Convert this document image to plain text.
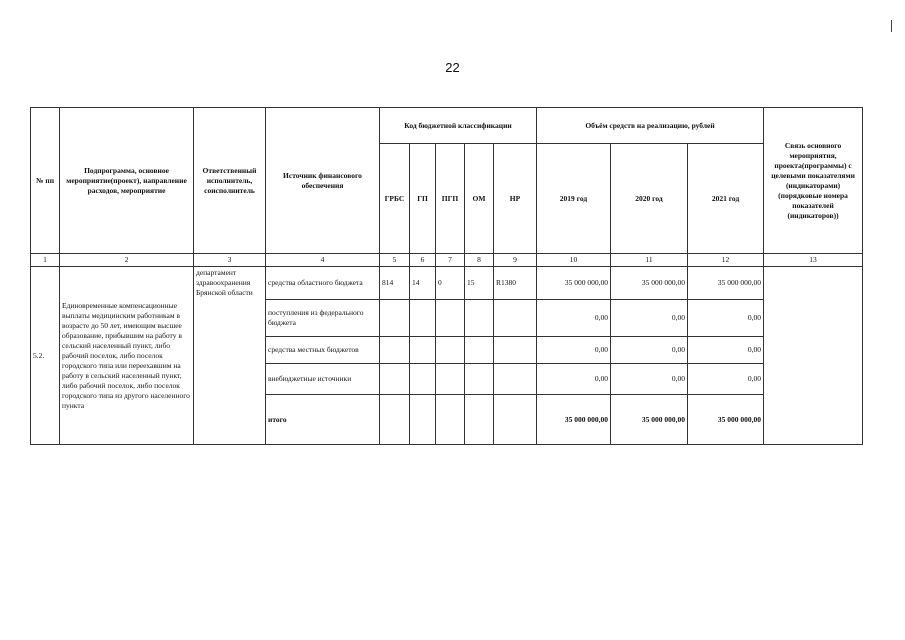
22
№ пп	Подпрограмма, основное мероприятие(проект), направление расходов, мероприятие	Ответственный исполнитель, соисполнитель	Источник финансового обеспечения	Код бюджетной классификации					Объём средств на реализацию, рублей			Связь основного мероприятия, проекта(программы) с целевыми показателями (индикаторами) (порядковые номера показателей (индикаторов))
				ГРБС	ГП	ПГП	ОМ	НР	2019 год	2020 год	2021 год	
1	2	3	4	5	6	7	8	9	10	11	12	13
5.2.	Единовременные компенсационные выплаты медицинским работникам в возрасте до 50 лет, имеющим высшее образование, прибывшим на работу в сельский населенный пункт, либо рабочий поселок, либо поселок городского типа или переехавшим на работу в сельский населенный пункт, либо рабочий поселок, либо поселок городского типа из другого населенного пункта	департамент здравоохранения Брянской области	средства областного бюджета	814	14	0	15	R1380	35 000 000,00	35 000 000,00	35 000 000,00	
			поступления из федерального бюджета						0,00	0,00	0,00	
			средства местных бюджетов						0,00	0,00	0,00	
			внебюджетные источники						0,00	0,00	0,00	
			итого						35 000 000,00	35 000 000,00	35 000 000,00	
